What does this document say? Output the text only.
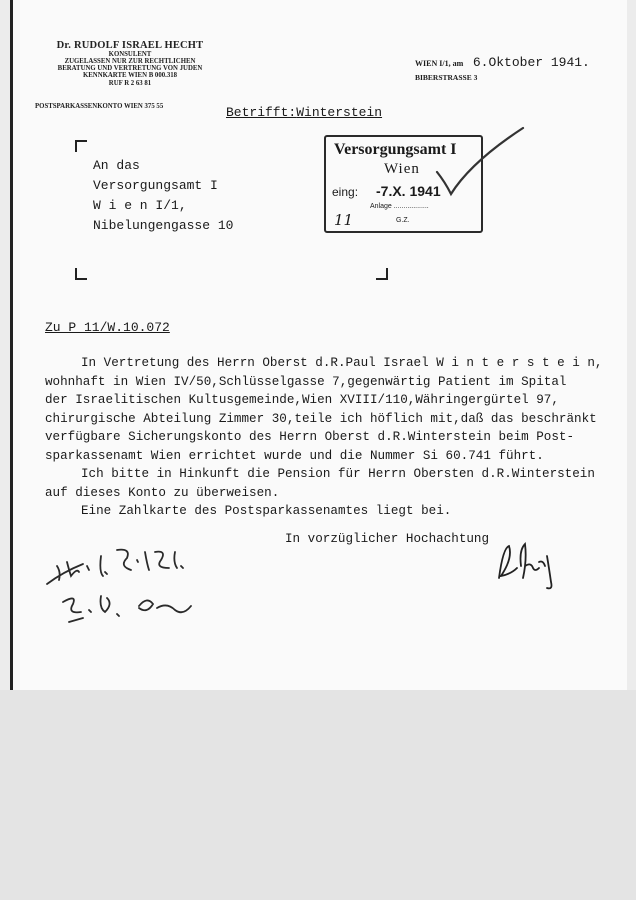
Dr. RUDOLF ISRAEL HECHT
KONSULENT
ZUGELASSEN NUR ZUR RECHTLICHEN
BERATUNG UND VERTRETUNG VON JUDEN
KENNKARTE WIEN B 000.318
RUF R 2 63 81
POSTSPARKASSENKONTO WIEN 375 55
WIEN I/1, am 6.Oktober 1941.
BIBERSTRASSE 3
Betrifft:Winterstein
An das
Versorgungsamt I
W i e n I/1,
Nibelungengasse 10
Versorgungsamt I
Wien
eing: -7.X. 1941
Anlage ..................
11	G.Z.
Zu P 11/W.10.072

In Vertretung des Herrn Oberst d.R.Paul Israel W i n t e r s t e i n,

wohnhaft in Wien IV/50,Schlüsselgasse 7,gegenwärtig Patient im Spital

der Israelitischen Kultusgemeinde,Wien XVIII/110,Währingergürtel 97,

chirurgische Abteilung Zimmer 30,teile ich höflich mit,daß das beschränkt

verfügbare Sicherungskonto des Herrn Oberst d.R.Winterstein beim Post-

sparkassenamt Wien errichtet wurde und die Nummer Si 60.741 führt.

Ich bitte in Hinkunft die Pension für Herrn Obersten d.R.Winterstein

auf dieses Konto zu überweisen.

Eine Zahlkarte des Postsparkassenamtes liegt bei.

In vorzüglicher Hochachtung
